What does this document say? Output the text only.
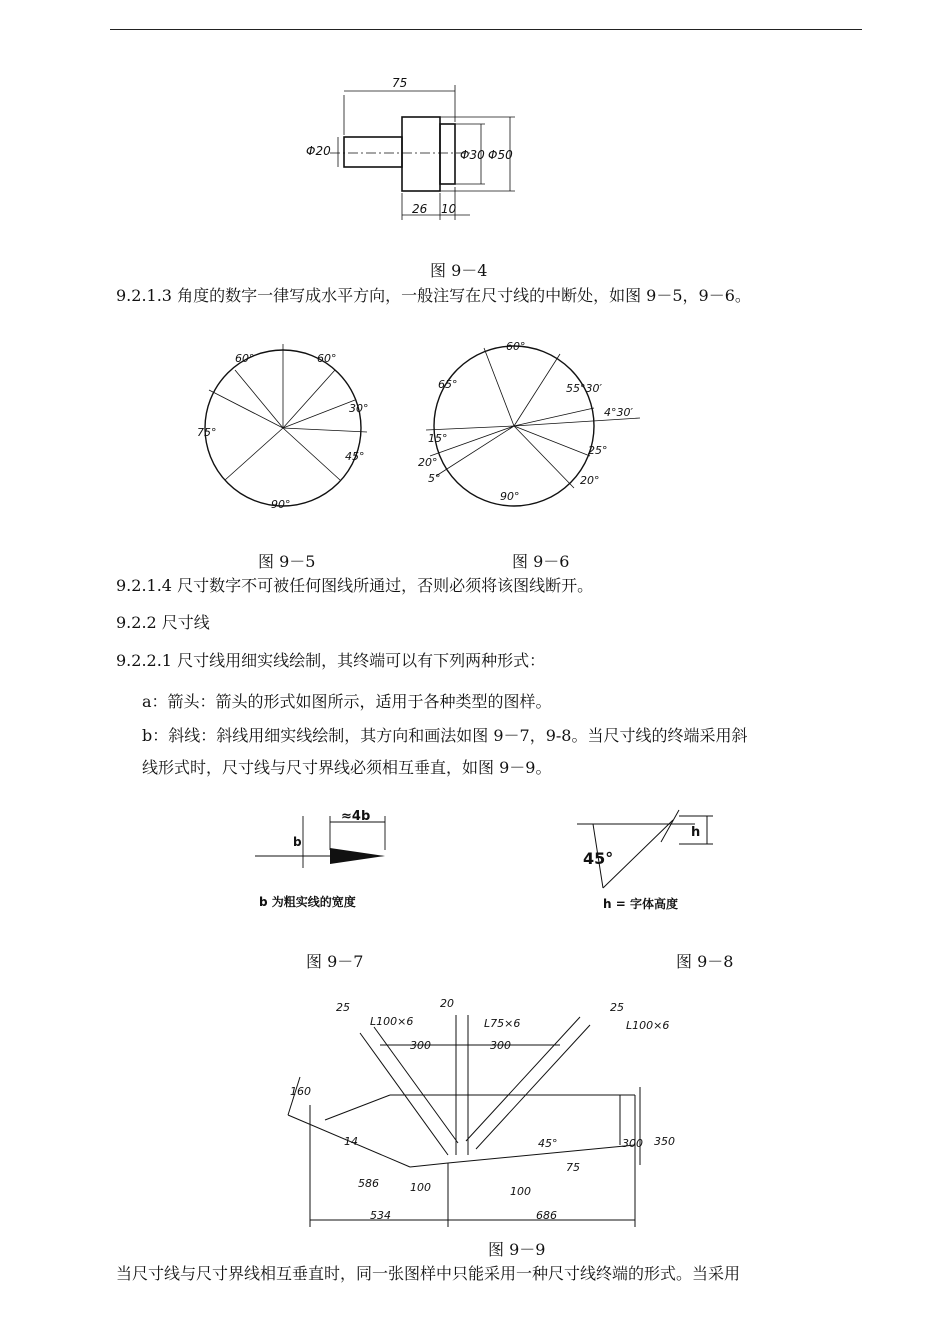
75
Φ20	Φ30 Φ50
26 10
图 9－4
9.2.1.3 角度的数字一律写成水平方向，一般注写在尺寸线的中断处，如图 9－5，9－6。
60°	60°
30°
45°
90°
75°
60°
65°	55°30′
4°30′
15°
20°
5°
25°
20°
90°
图 9－5	图 9－6
9.2.1.4 尺寸数字不可被任何图线所通过，否则必须将该图线断开。
9.2.2 尺寸线
9.2.2.1 尺寸线用细实线绘制，其终端可以有下列两种形式：
a：箭头：箭头的形式如图所示，适用于各种类型的图样。
b：斜线：斜线用细实线绘制，其方向和画法如图 9－7，9-8。当尺寸线的终端采用斜
线形式时，尺寸线与尺寸界线必须相互垂直，如图 9－9。
b
≈4b
b 为粗实线的宽度
45°
h
h = 字体高度
图 9－7	图 9－8
25
L100×6
20
L75×6
25
L100×6
300	300
160
14
586	100	100
45°
75
300 350
534	686
图 9－9
当尺寸线与尺寸界线相互垂直时，同一张图样中只能采用一种尺寸线终端的形式。当采用
